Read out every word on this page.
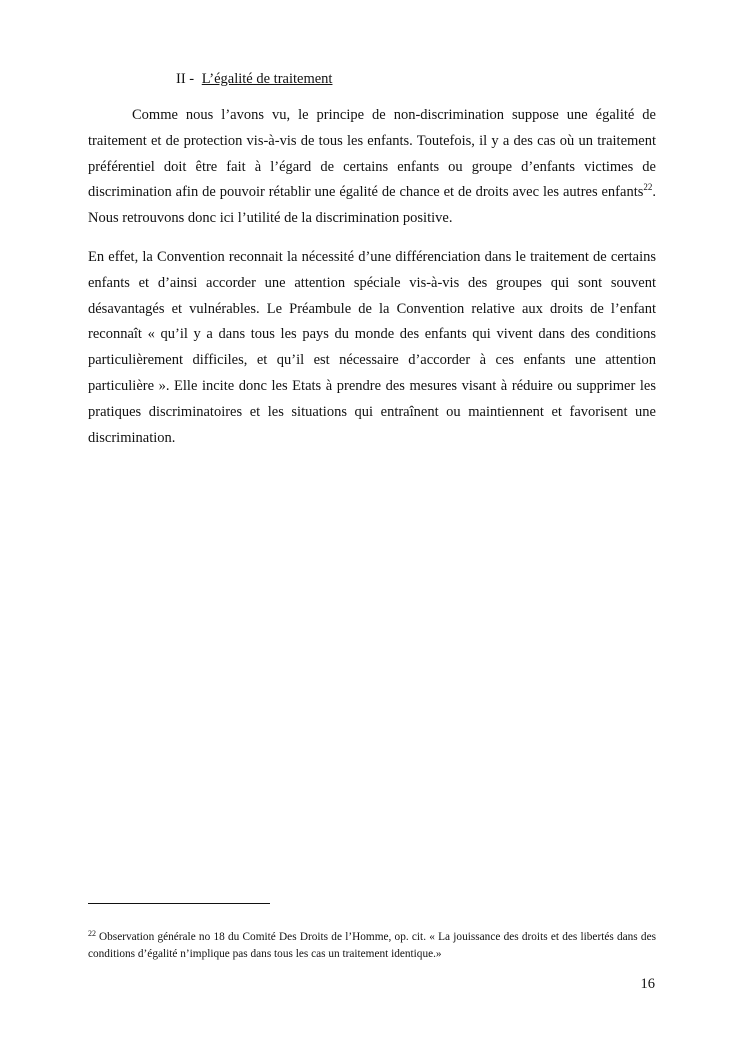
II - L’égalité de traitement

Comme nous l’avons vu, le principe de non-discrimination suppose une égalité de traitement et de protection vis-à-vis de tous les enfants. Toutefois, il y a des cas où un traitement préférentiel doit être fait à l’égard de certains enfants ou groupe d’enfants victimes de discrimination afin de pouvoir rétablir une égalité de chance et de droits avec les autres enfants$^{22}$. Nous retrouvons donc ici l’utilité de la discrimination positive.

En effet, la Convention reconnait la nécessité d’une différenciation dans le traitement de certains enfants et d’ainsi accorder une attention spéciale vis-à-vis des groupes qui sont souvent désavantagés et vulnérables. Le Préambule de la Convention relative aux droits de l’enfant reconnaît « qu’il y a dans tous les pays du monde des enfants qui vivent dans des conditions particulièrement difficiles, et qu’il est nécessaire d’accorder à ces enfants une attention particulière ». Elle incite donc les Etats à prendre des mesures visant à réduire ou supprimer les pratiques discriminatoires et les situations qui entraînent ou maintiennent et favorisent une discrimination.

$^{22}$ Observation générale no 18 du Comité Des Droits de l’Homme, op. cit. « La jouissance des droits et des libertés dans des conditions d’égalité n’implique pas dans tous les cas un traitement identique.»

16
